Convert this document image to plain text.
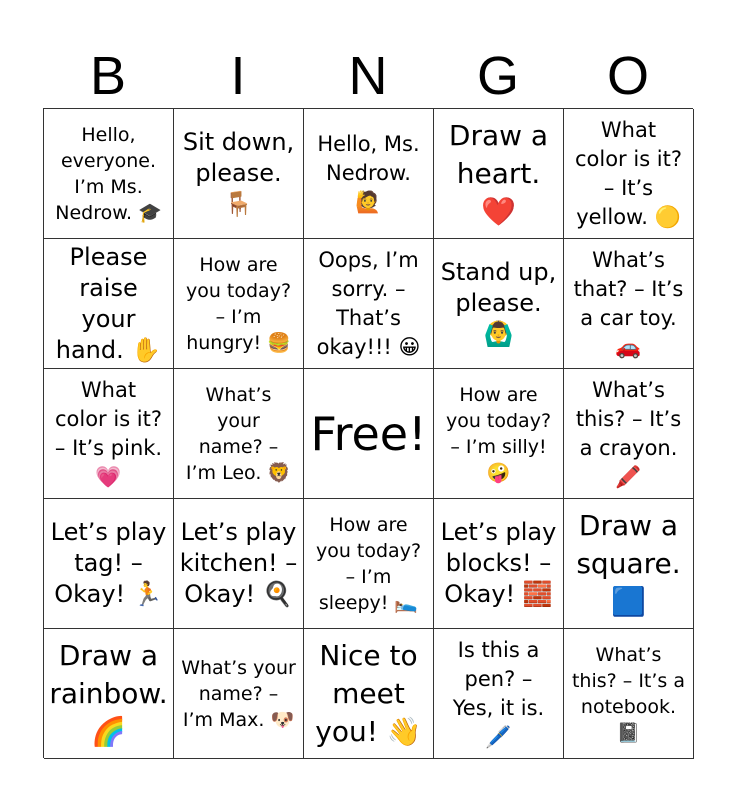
B	I	N	G	O
Hello,
everyone.
I’m Ms.
Nedrow. 🎓
Sit down,
please.
🪑
Hello, Ms.
Nedrow.
🙋
Draw a
heart.
❤️
What
color is it?
– It’s
yellow. 🟡
Please
raise your
hand. ✋
How are
you today?
– I’m
hungry! 🍔
Oops, I’m
sorry. –
That’s
okay!!! 😀
Stand up,
please.
🙆‍♂️
What’s
that? – It’s
a car toy.
🚗
What
color is it?
– It’s pink.
💗
What’s
your
name? –
I’m Leo. 🦁
Free!
How are
you today?
– I’m silly!
🤪
What’s
this? – It’s
a crayon.
🖍️
Let’s play
tag! –
Okay! 🏃
Let’s play
kitchen! –
Okay! 🍳
How are
you today?
– I’m
sleepy! 🛌
Let’s play
blocks! –
Okay! 🧱
Draw a
square.
🟦
Draw a
rainbow.
🌈
What’s your
name? –
I’m Max. 🐶
Nice to
meet
you! 👋
Is this a
pen? –
Yes, it is.
🖊️
What’s
this? – It’s a
notebook.
📓
